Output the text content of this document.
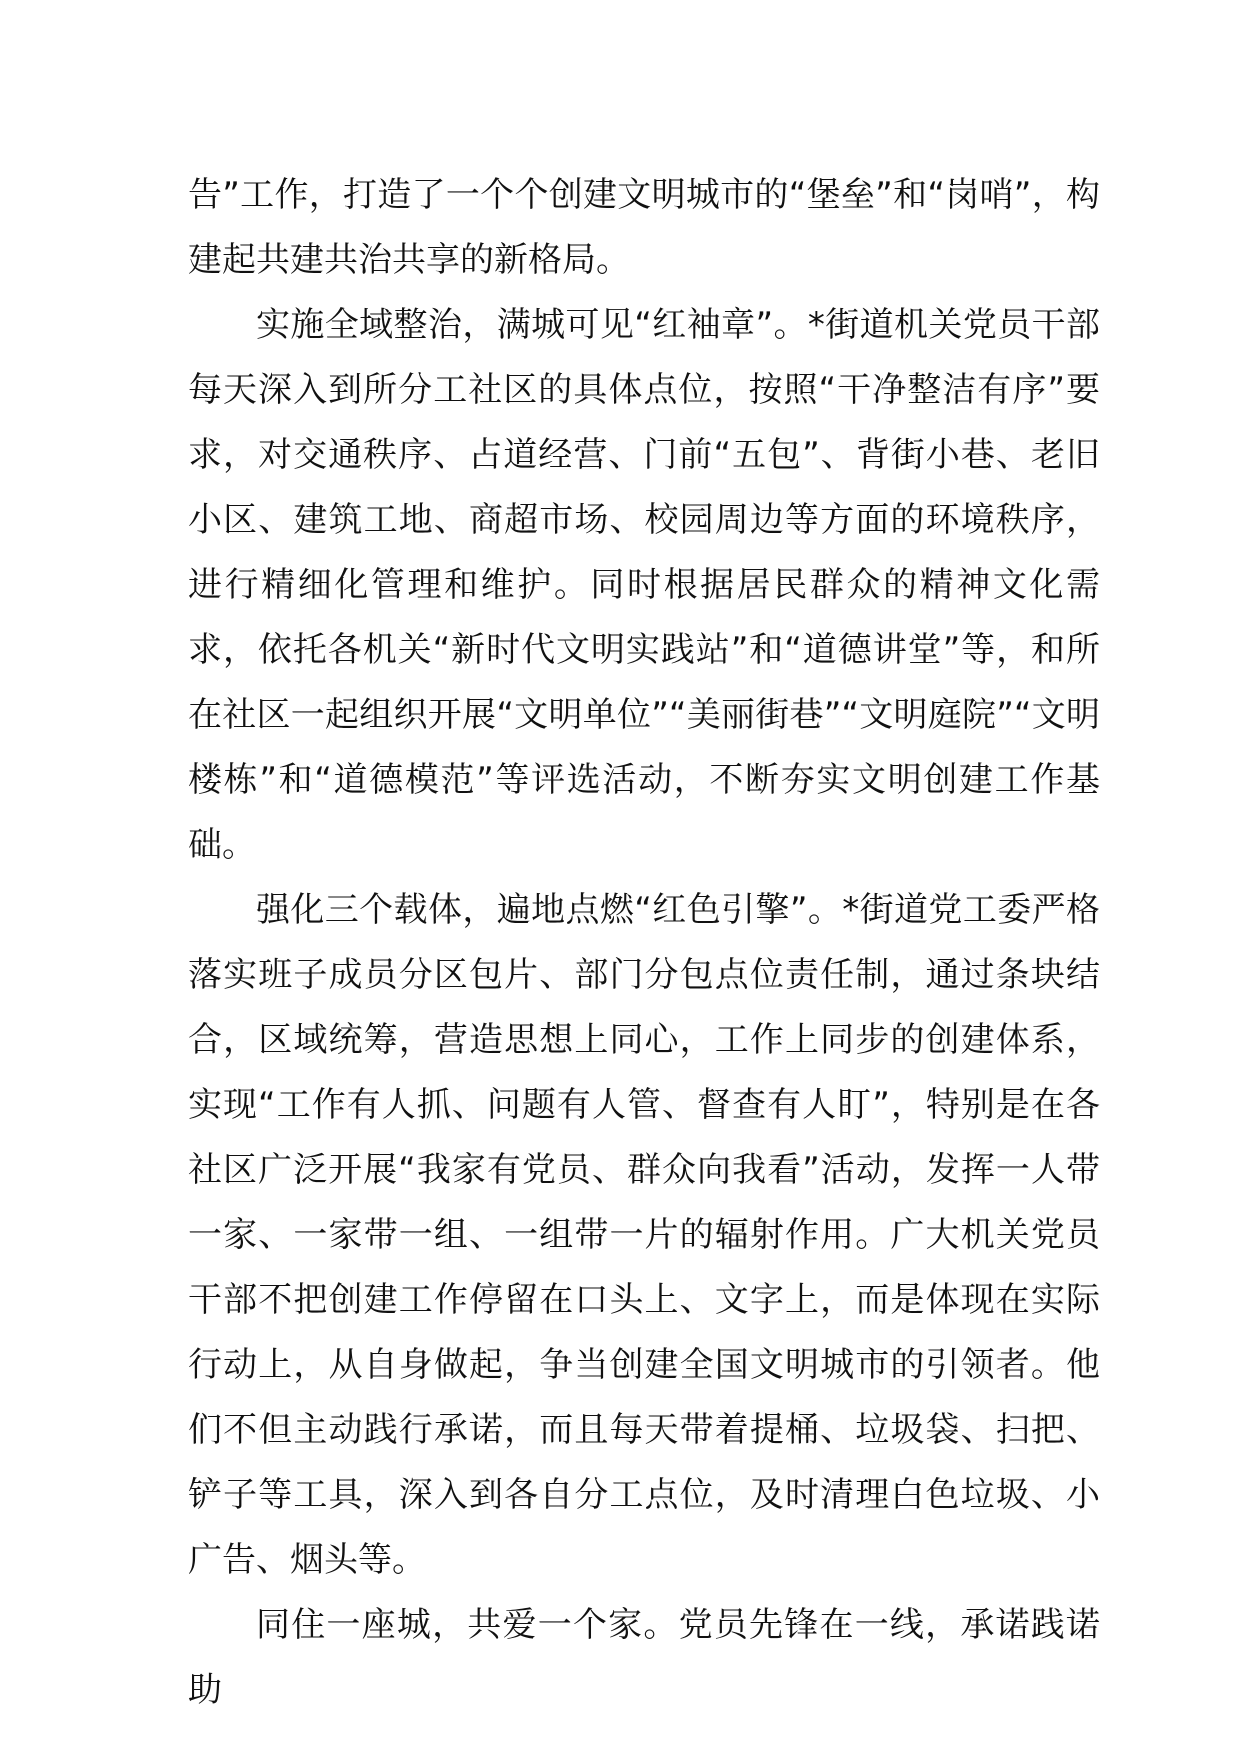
告”工作，打造了一个个创建文明城市的“堡垒”和“岗哨”，构建起共建共治共享的新格局。

实施全域整治，满城可见“红袖章”。*街道机关党员干部每天深入到所分工社区的具体点位，按照“干净整洁有序”要求，对交通秩序、占道经营、门前“五包”、背街小巷、老旧小区、建筑工地、商超市场、校园周边等方面的环境秩序，进行精细化管理和维护。同时根据居民群众的精神文化需求，依托各机关“新时代文明实践站”和“道德讲堂”等，和所在社区一起组织开展“文明单位”“美丽街巷”“文明庭院”“文明楼栋”和“道德模范”等评选活动，不断夯实文明创建工作基础。

强化三个载体，遍地点燃“红色引擎”。*街道党工委严格落实班子成员分区包片、部门分包点位责任制，通过条块结合，区域统筹，营造思想上同心，工作上同步的创建体系，实现“工作有人抓、问题有人管、督查有人盯”，特别是在各社区广泛开展“我家有党员、群众向我看”活动，发挥一人带一家、一家带一组、一组带一片的辐射作用。广大机关党员干部不把创建工作停留在口头上、文字上，而是体现在实际行动上，从自身做起，争当创建全国文明城市的引领者。他们不但主动践行承诺，而且每天带着提桶、垃圾袋、扫把、铲子等工具，深入到各自分工点位，及时清理白色垃圾、小广告、烟头等。

同住一座城，共爱一个家。党员先锋在一线，承诺践诺助
